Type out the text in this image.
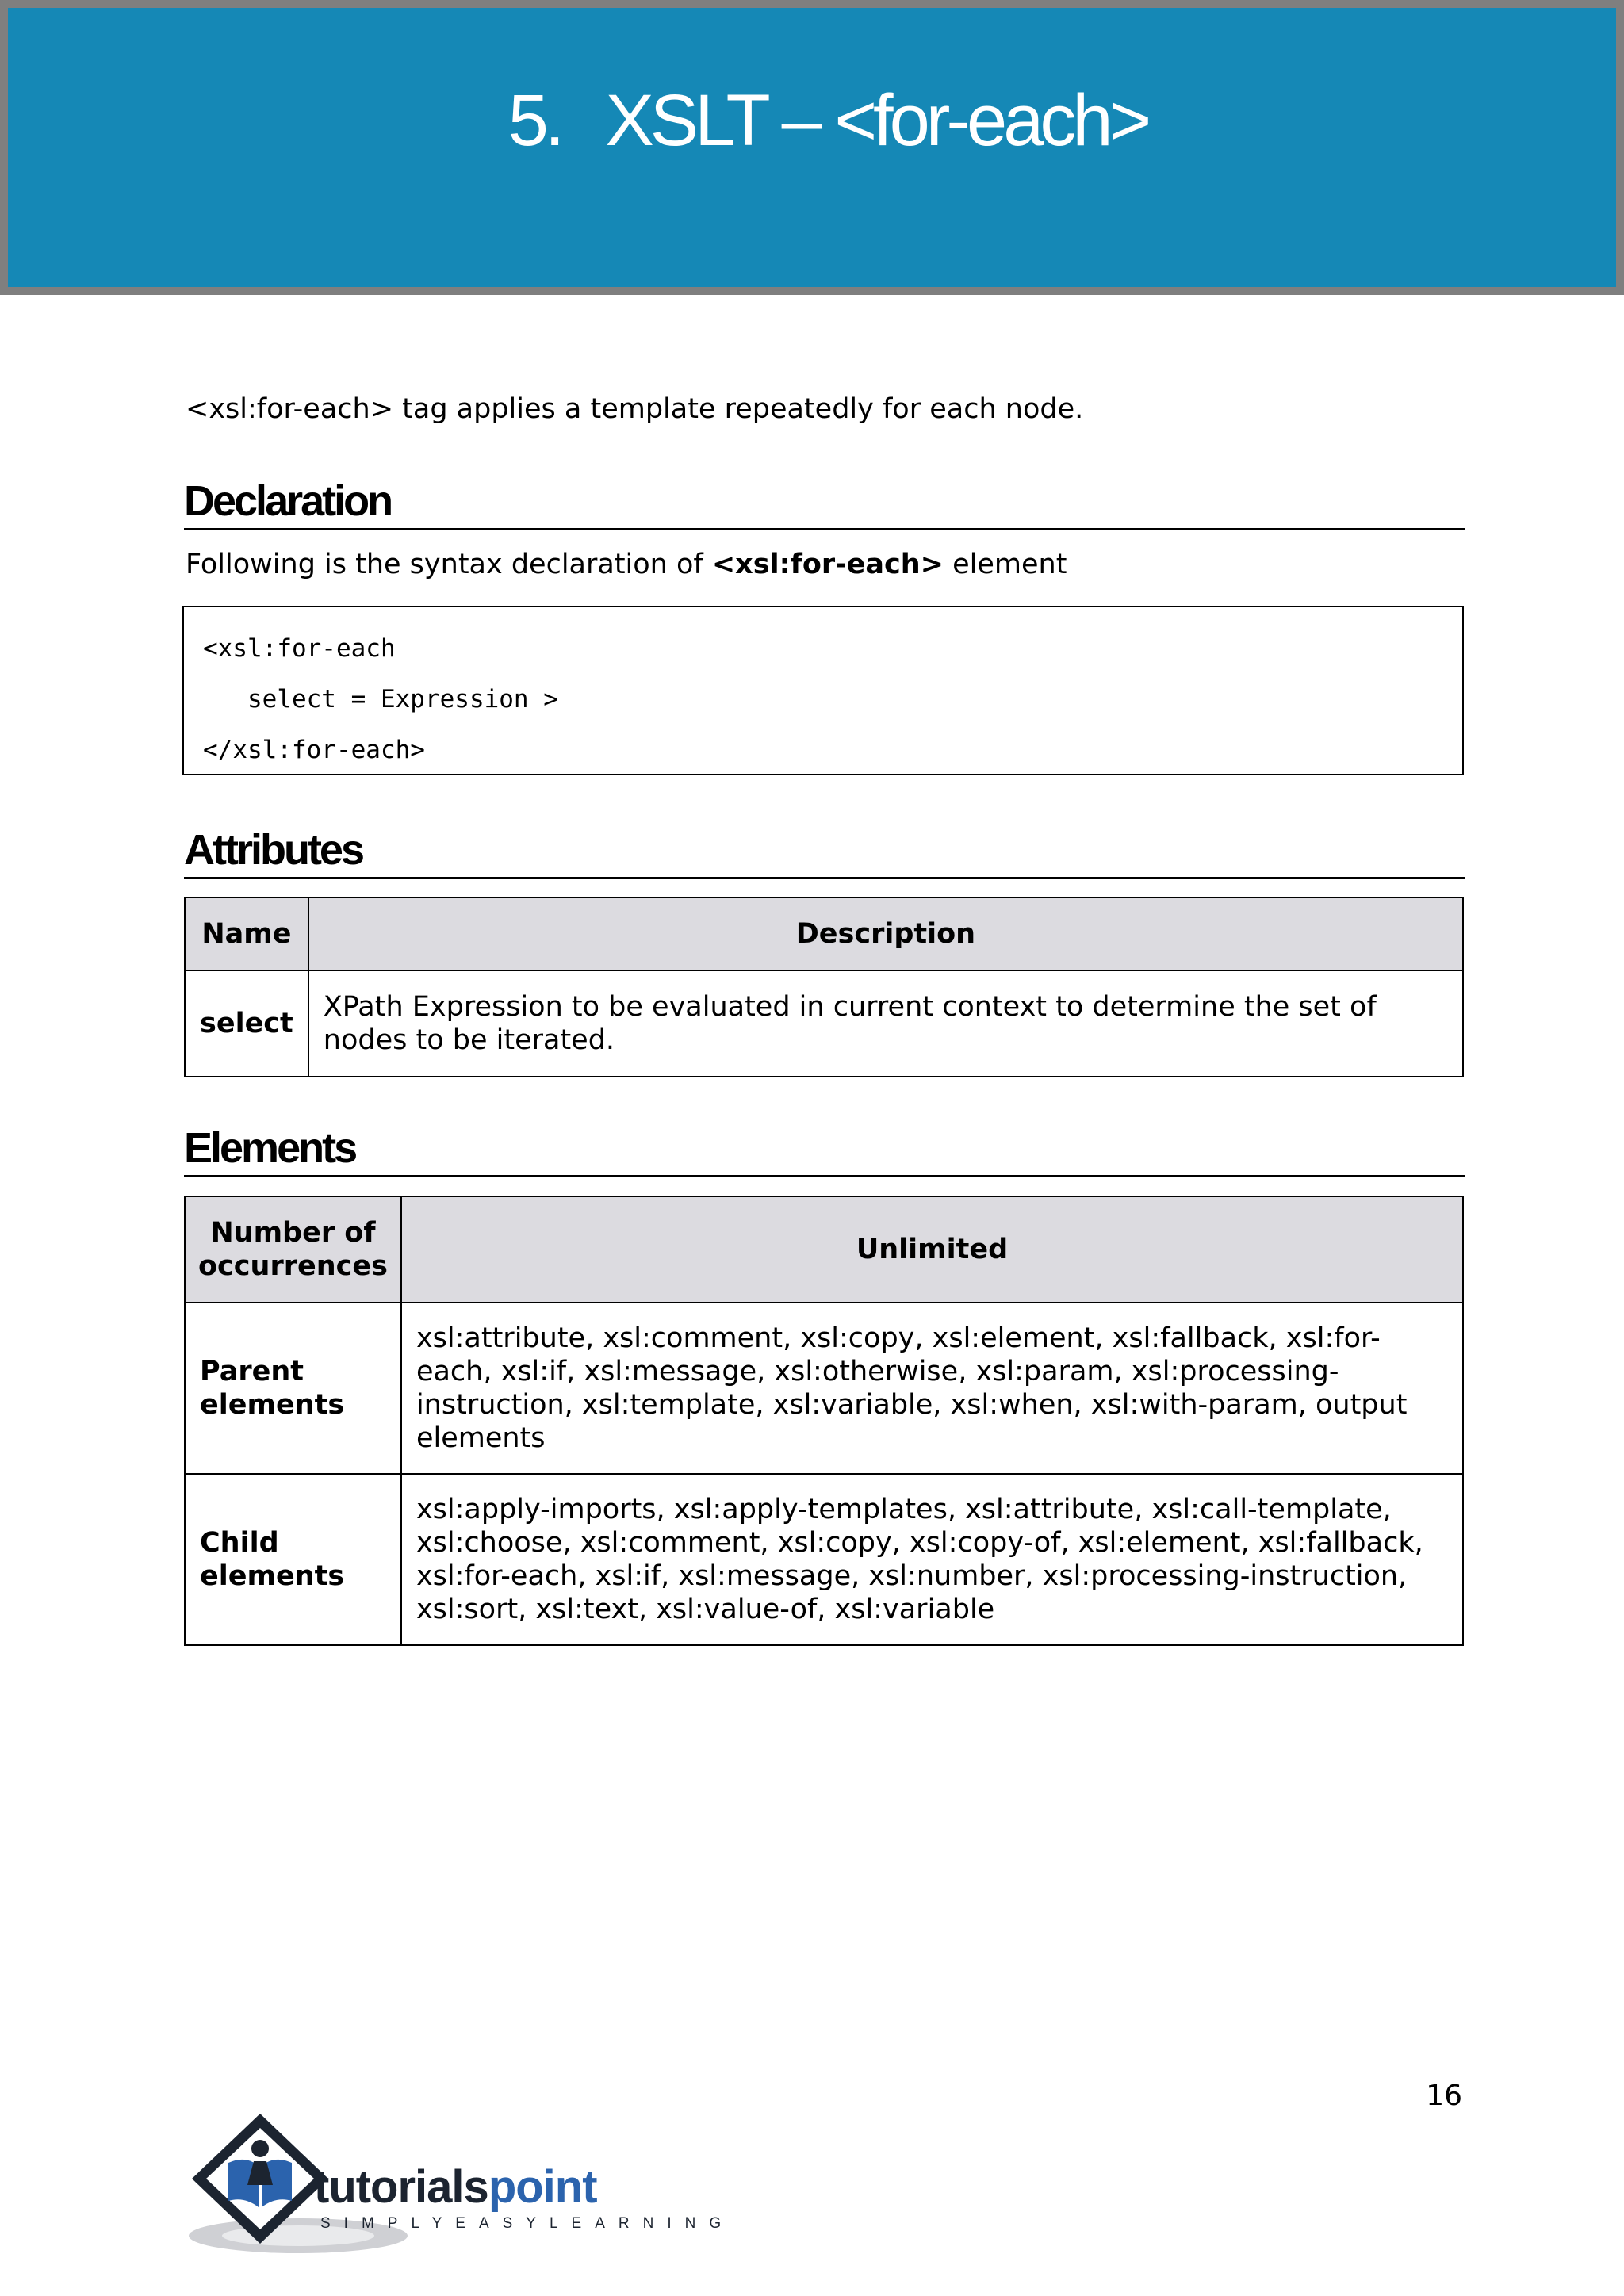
5. XSLT – <for-each>

<xsl:for-each> tag applies a template repeatedly for each node.

Declaration

Following is the syntax declaration of <xsl:for-each> element

<xsl:for-each
select = Expression >
</xsl:for-each>
Attributes
Name	Description
select	XPath Expression to be evaluated in current context to determine the set of nodes to be iterated.
Elements
Number of occurrences	Unlimited
Parent elements	xsl:attribute, xsl:comment, xsl:copy, xsl:element, xsl:fallback, xsl:for-each, xsl:if, xsl:message, xsl:otherwise, xsl:param, xsl:processing-instruction, xsl:template, xsl:variable, xsl:when, xsl:with-param, output elements
Child elements	xsl:apply-imports, xsl:apply-templates, xsl:attribute, xsl:call-template, xsl:choose, xsl:comment, xsl:copy, xsl:copy-of, xsl:element, xsl:fallback, xsl:for-each, xsl:if, xsl:message, xsl:number, xsl:processing-instruction, xsl:sort, xsl:text, xsl:value-of, xsl:variable
16
tutorialspoint
SIMPLYEASYLEARNING
